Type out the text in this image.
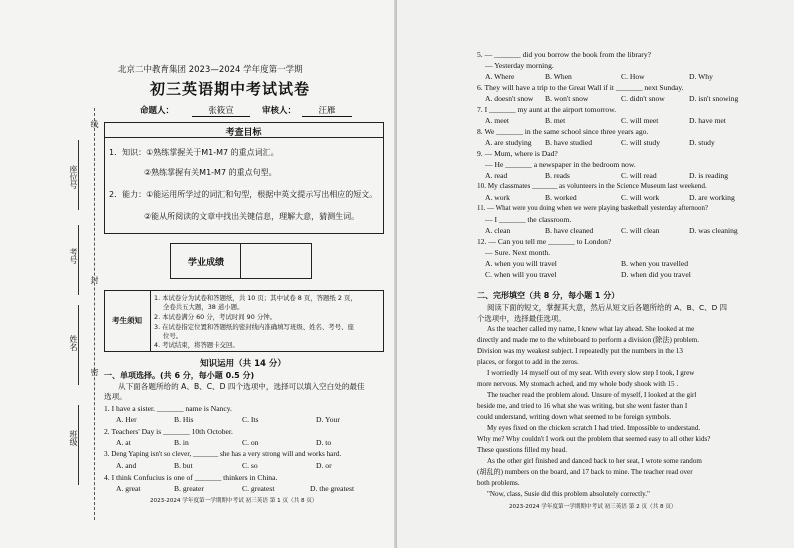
线
座位号
考号
封
姓名
密
班级
北京二中教育集团 2023—2024 学年度第一学期
初三英语期中考试试卷
命题人：	张筱宣	审核人：	汪雁
考查目标
1．知识：①熟练掌握关于M1-M7 的重点词汇。
②熟练掌握有关M1-M7 的重点句型。
2．能力：①能运用所学过的词汇和句型，根据中英文提示写出相应的短文。
②能从所阅读的文章中找出关键信息，理解大意，猜测生词。
学业成绩
考生须知
1. 本试卷分为试卷和答题纸，共 10 页；其中试卷 8 页，答题纸 2 页，
全卷共五大题，38 道小题。
2. 本试卷满分 60 分，考试时间 90 分钟。
3. 在试卷指定位置和答题纸的密封线内准确填写班级、姓名、考号、座
位号。
4. 考试结束，将答题卡交回。
知识运用（共 14 分）
一、单项选择。(共 6 分，每小题 0.5 分)
从下面各题所给的 A、B、C、D 四个选项中，选择可以填入空白处的最佳
选项。
1. I have a sister. _______ name is Nancy.
A. Her	B. His	C. Its	D. Your
2. Teachers' Day is _______ 10th October.
A. at	B. in	C. on	D. to
3. Deng Yaping isn't so clever, _______ she has a very strong will and works hard.
A. and	B. but	C. so	D. or
4. I think Confucius is one of _______ thinkers in China.
A. great	B. greater	C. greatest	D. the greatest
2023-2024 学年度第一学期期中考试 初三英语 第 1 页（共 8 页）
5. — _______ did you borrow the book from the library?
— Yesterday morning.
A. Where	B. When	C. How	D. Why
6. They will have a trip to the Great Wall if it _______ next Sunday.
A. doesn't snow B. won't snow	C. didn't snow	D. isn't snowing
7. I _______ my aunt at the airport tomorrow.
A. meet	B. met	C. will meet	D. have met
8. We _______ in the same school since three years ago.
A. are studying B. have studied	C. will study	D. study
9. — Mum, where is Dad?
— He _______ a newspaper in the bedroom now.
A. read	B. reads	C. will read	D. is reading
10. My classmates _______ as volunteers in the Science Museum last weekend.
A. work	B. worked	C. will work	D. are working
11. — What were you doing when we were playing basketball yesterday afternoon?
— I _______ the classroom.
A. clean	B. have cleaned	C. will clean	D. was cleaning
12. — Can you tell me _______ to London?
— Sure. Next month.
A. when you will travel	B. when you travelled
C. when will you travel	D. when did you travel
二、完形填空（共 8 分，每小题 1 分）
阅读下面的短文，掌握其大意，然后从短文后各题所给的 A、B、C、D 四
个选项中，选择最佳选项。
As the teacher called my name, I knew what lay ahead. She looked at me
directly and made me to the whiteboard to perform a division (除法) problem.
Division was my weakest subject. I repeatedly put the numbers in the 13
places, or forgot to add in the zeros.
I worriedly 14 myself out of my seat. With every slow step I took, I grew
more nervous. My stomach ached, and my whole body shook with 15 .
The teacher read the problem aloud. Unsure of myself, I looked at the girl
beside me, and tried to 16 what she was writing, but she went faster than I
could understand, writing down what seemed to be foreign symbols.
My eyes fixed on the chicken scratch I had tried. Impossible to understand.
Why me? Why couldn't I work out the problem that seemed easy to all other kids?
These questions filled my head.
As the other girl finished and danced back to her seat, I wrote some random
(胡乱的) numbers on the board, and 17 back to mine. The teacher read over
both problems.
"Now, class, Susie did this problem absolutely correctly."
2023-2024 学年度第一学期期中考试 初三英语 第 2 页（共 8 页）
